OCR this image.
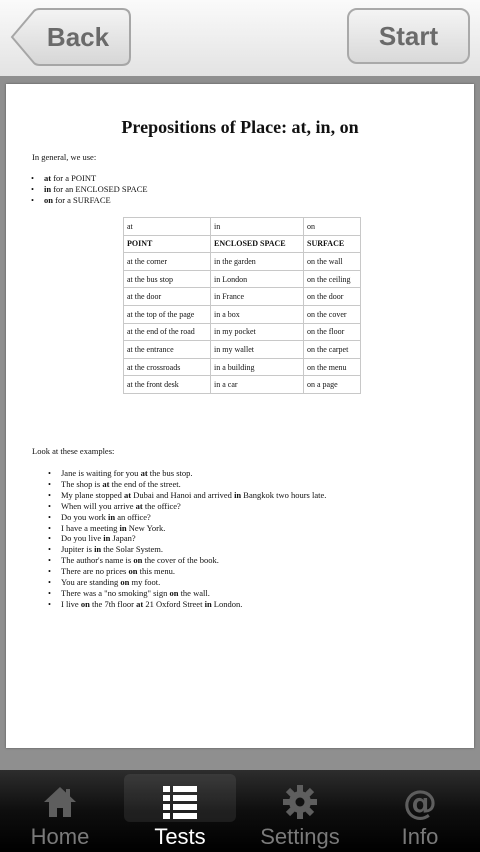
Back	Start
Prepositions of Place: at, in, on
In general, we use:
• at for a POINT
• in for an ENCLOSED SPACE
• on for a SURFACE
at	in	on
POINT	ENCLOSED SPACE	SURFACE
at the corner	in the garden	on the wall
at the bus stop	in London	on the ceiling
at the door	in France	on the door
at the top of the page	in a box	on the cover
at the end of the road	in my pocket	on the floor
at the entrance	in my wallet	on the carpet
at the crossroads	in a building	on the menu
at the front desk	in a car	on a page
Look at these examples:
• Jane is waiting for you at the bus stop.
• The shop is at the end of the street.
• My plane stopped at Dubai and Hanoi and arrived in Bangkok two hours late.
• When will you arrive at the office?
• Do you work in an office?
• I have a meeting in New York.
• Do you live in Japan?
• Jupiter is in the Solar System.
• The author's name is on the cover of the book.
• There are no prices on this menu.
• You are standing on my foot.
• There was a "no smoking" sign on the wall.
• I live on the 7th floor at 21 Oxford Street in London.
Home	Tests	Settings
@
Info
